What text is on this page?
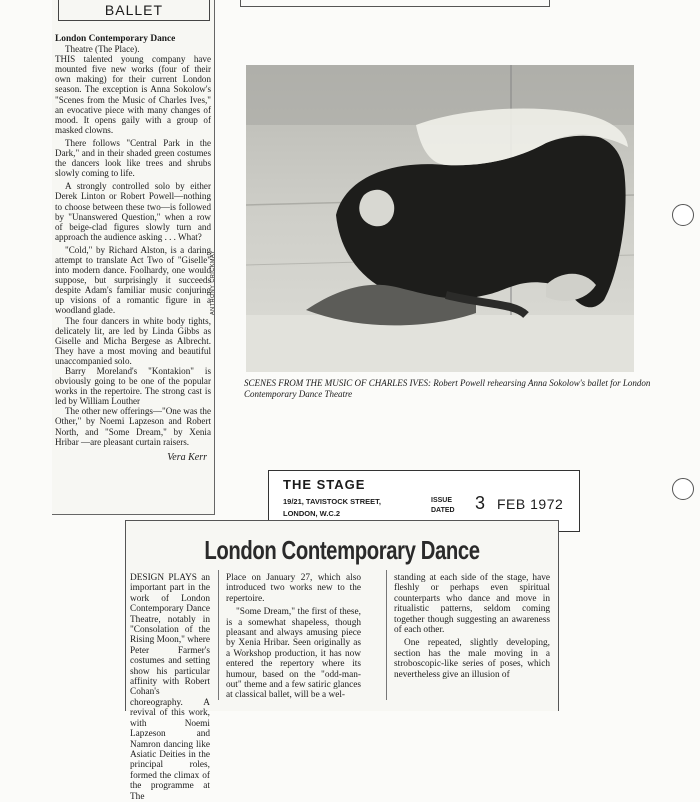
BALLET

London Contemporary Dance

Theatre (The Place).

THIS talented young company have mounted five new works (four of their own making) for their current London season. The exception is Anna Sokolow's "Scenes from the Music of Charles Ives," an evocative piece with many changes of mood. It opens gaily with a group of masked clowns.

There follows "Central Park in the Dark," and in their shaded green costumes the dancers look like trees and shrubs slowly coming to life.

A strongly controlled solo by either Derek Linton or Robert Powell—nothing to choose between these two—is followed by "Unanswered Question," when a row of beige-clad figures slowly turn and approach the audience asking . . . What?

"Cold," by Richard Alston, is a daring attempt to translate Act Two of "Giselle" into modern dance. Foolhardy, one would suppose, but surprisingly it succeeds despite Adam's familiar music conjuring up visions of a romantic figure in a woodland glade.

The four dancers in white body tights, delicately lit, are led by Linda Gibbs as Giselle and Micha Bergese as Albrecht. They have a most moving and beautiful unaccompanied solo.

Barry Moreland's "Kontakion" is obviously going to be one of the popular works in the repertoire. The strong cast is led by William Louther

The other new offerings—"One was the Other," by Noemi Lapzeson and Robert North, and "Some Dream," by Xenia Hribar —are pleasant curtain raisers.

Vera Kerr

ANTHONY CRICKMAY
SCENES FROM THE MUSIC OF CHARLES IVES: Robert Powell rehearsing Anna Sokolow's ballet for London Contemporary Dance Theatre
THE STAGE
19/21, TAVISTOCK STREET,
LONDON, W.C.2
ISSUE
DATED 3 FEB 1972
London Contemporary Dance

DESIGN PLAYS an important part in the work of London Contemporary Dance Theatre, notably in "Consolation of the Rising Moon," where Peter Farmer's costumes and setting show his particular affinity with Robert Cohan's choreography. A revival of this work, with Noemi Lapzeson and Namron dancing like Asiatic Deities in the principal roles, formed the climax of the programme at The

Place on January 27, which also introduced two works new to the repertoire.

"Some Dream," the first of these, is a somewhat shapeless, though pleasant and always amusing piece by Xenia Hribar. Seen originally as a Workshop production, it has now entered the repertory where its humour, based on the "odd-man-out" theme and a few satiric glances at classical ballet, will be a wel-

standing at each side of the stage, have fleshly or perhaps even spiritual counterparts who dance and move in ritualistic patterns, seldom coming together though suggesting an awareness of each other.

One repeated, slightly developing, section has the male moving in a stroboscopic-like series of poses, which nevertheless give an illusion of
